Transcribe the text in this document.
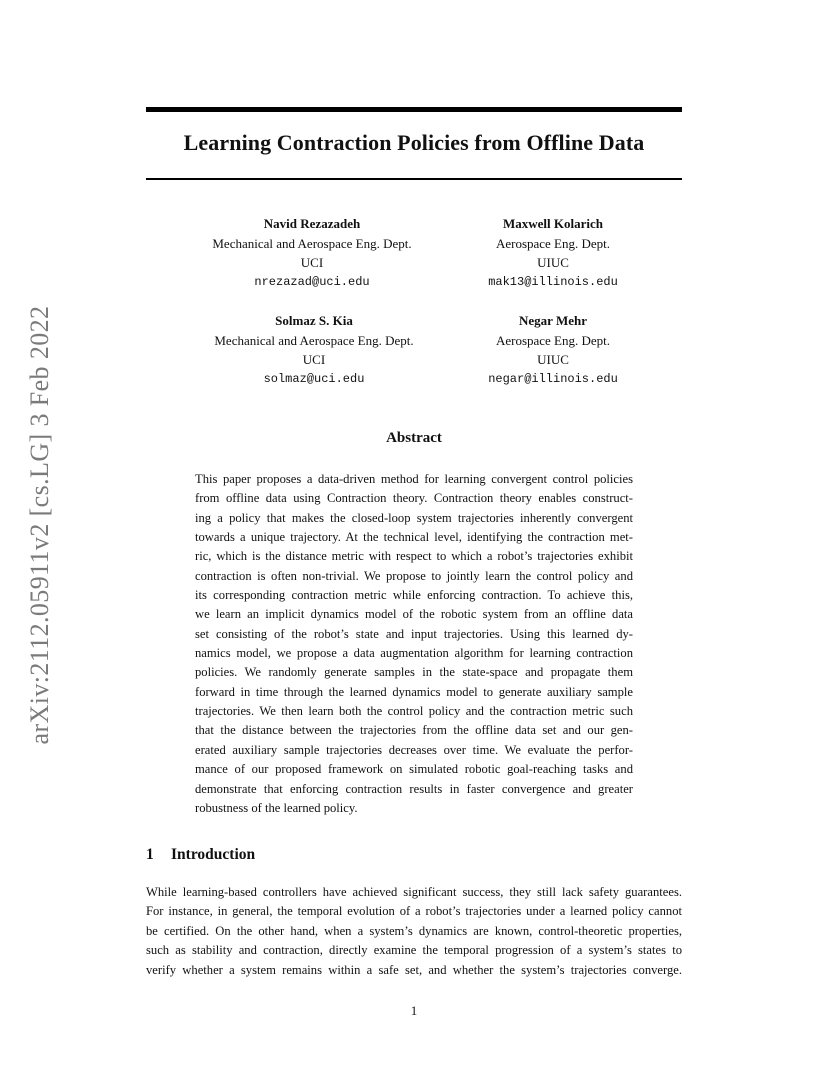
arXiv:2112.05911v2 [cs.LG] 3 Feb 2022
Learning Contraction Policies from Offline Data
Navid Rezazadeh
Mechanical and Aerospace Eng. Dept.
UCI
nrezazad@uci.edu
Maxwell Kolarich
Aerospace Eng. Dept.
UIUC
mak13@illinois.edu
Solmaz S. Kia
Mechanical and Aerospace Eng. Dept.
UCI
solmaz@uci.edu
Negar Mehr
Aerospace Eng. Dept.
UIUC
negar@illinois.edu
Abstract
This paper proposes a data-driven method for learning convergent control policies
from offline data using Contraction theory. Contraction theory enables construct-
ing a policy that makes the closed-loop system trajectories inherently convergent
towards a unique trajectory. At the technical level, identifying the contraction met-
ric, which is the distance metric with respect to which a robot’s trajectories exhibit
contraction is often non-trivial. We propose to jointly learn the control policy and
its corresponding contraction metric while enforcing contraction. To achieve this,
we learn an implicit dynamics model of the robotic system from an offline data
set consisting of the robot’s state and input trajectories. Using this learned dy-
namics model, we propose a data augmentation algorithm for learning contraction
policies. We randomly generate samples in the state-space and propagate them
forward in time through the learned dynamics model to generate auxiliary sample
trajectories. We then learn both the control policy and the contraction metric such
that the distance between the trajectories from the offline data set and our gen-
erated auxiliary sample trajectories decreases over time. We evaluate the perfor-
mance of our proposed framework on simulated robotic goal-reaching tasks and
demonstrate that enforcing contraction results in faster convergence and greater
robustness of the learned policy.
1 Introduction
While learning-based controllers have achieved significant success, they still lack safety guarantees.
For instance, in general, the temporal evolution of a robot’s trajectories under a learned policy cannot
be certified. On the other hand, when a system’s dynamics are known, control-theoretic properties,
such as stability and contraction, directly examine the temporal progression of a system’s states to
verify whether a system remains within a safe set, and whether the system’s trajectories converge.
1
